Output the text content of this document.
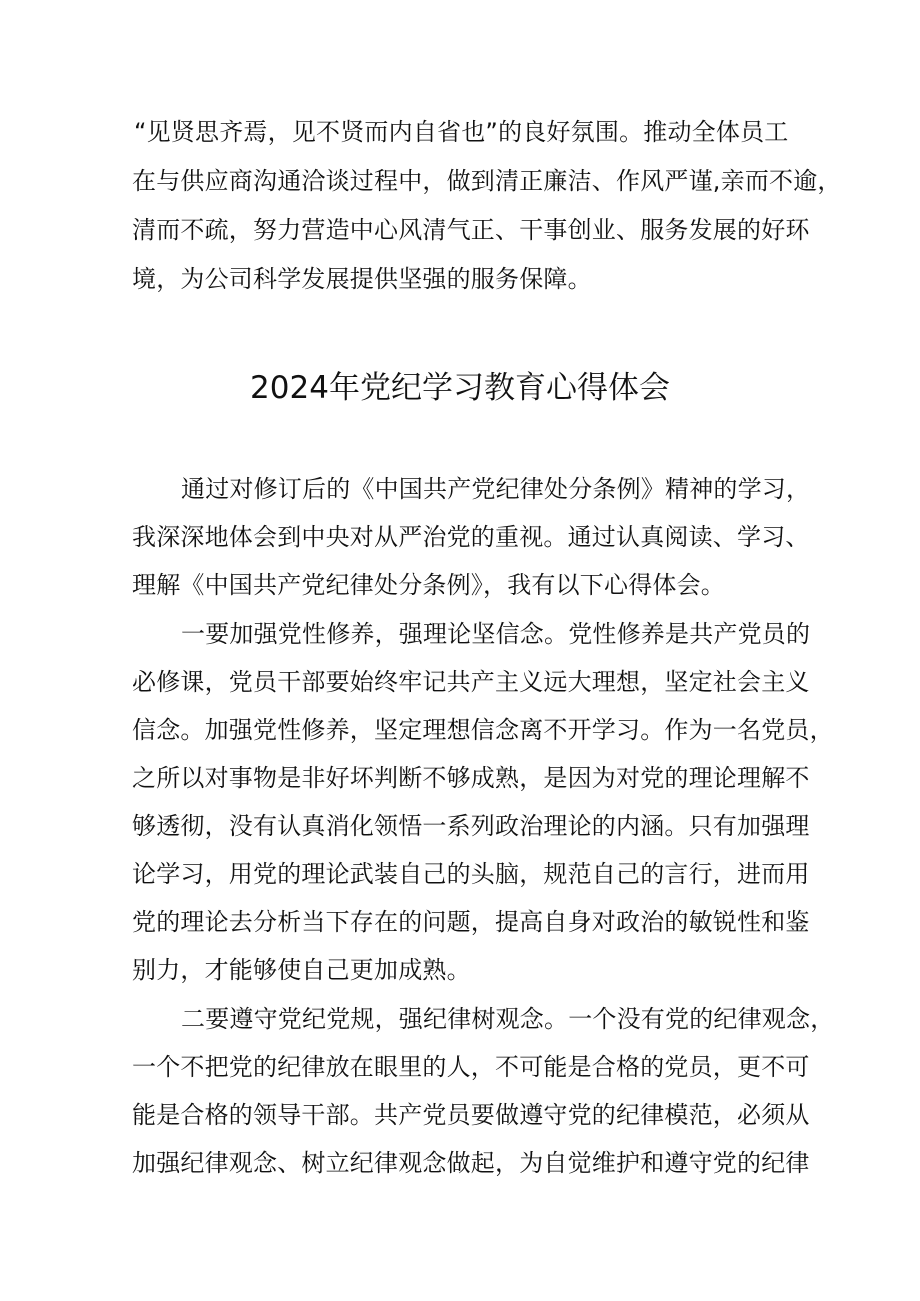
“见贤思齐焉，见不贤而内自省也”的良好氛围。推动全体员工
在与供应商沟通洽谈过程中，做到清正廉洁、作风严谨,亲而不逾，
清而不疏，努力营造中心风清气正、干事创业、服务发展的好环
境，为公司科学发展提供坚强的服务保障。
2024年党纪学习教育心得体会
通过对修订后的《中国共产党纪律处分条例》精神的学习，
我深深地体会到中央对从严治党的重视。通过认真阅读、学习、
理解《中国共产党纪律处分条例》，我有以下心得体会。
一要加强党性修养，强理论坚信念。党性修养是共产党员的
必修课，党员干部要始终牢记共产主义远大理想，坚定社会主义
信念。加强党性修养，坚定理想信念离不开学习。作为一名党员，
之所以对事物是非好坏判断不够成熟，是因为对党的理论理解不
够透彻，没有认真消化领悟一系列政治理论的内涵。只有加强理
论学习，用党的理论武装自己的头脑，规范自己的言行，进而用
党的理论去分析当下存在的问题，提高自身对政治的敏锐性和鉴
别力，才能够使自己更加成熟。
二要遵守党纪党规，强纪律树观念。一个没有党的纪律观念，
一个不把党的纪律放在眼里的人，不可能是合格的党员，更不可
能是合格的领导干部。共产党员要做遵守党的纪律模范，必须从
加强纪律观念、树立纪律观念做起，为自觉维护和遵守党的纪律
